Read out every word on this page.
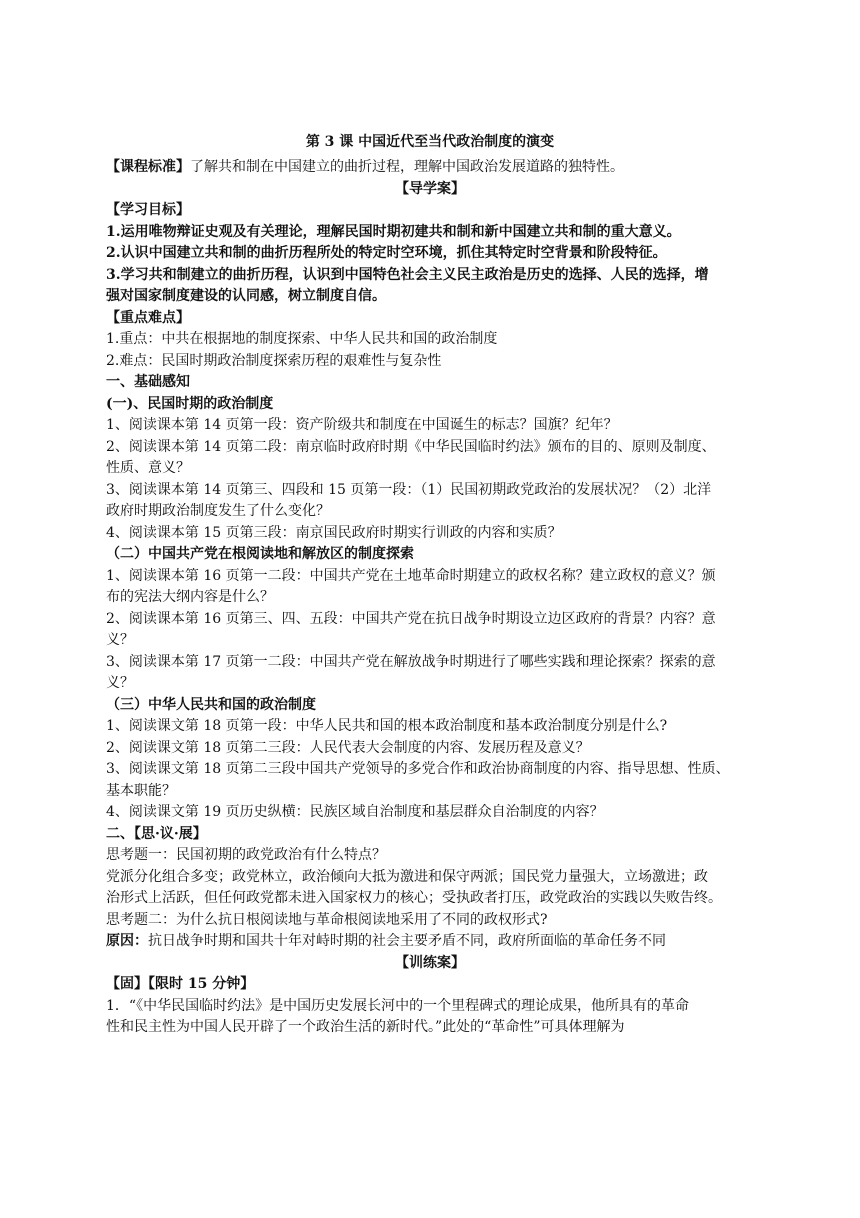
第 3 课 中国近代至当代政治制度的演变
【课程标准】了解共和制在中国建立的曲折过程，理解中国政治发展道路的独特性。
【导学案】
【学习目标】
1.运用唯物辩证史观及有关理论，理解民国时期初建共和制和新中国建立共和制的重大意义。
2.认识中国建立共和制的曲折历程所处的特定时空环境，抓住其特定时空背景和阶段特征。
3.学习共和制建立的曲折历程，认识到中国特色社会主义民主政治是历史的选择、人民的选择，增
强对国家制度建设的认同感，树立制度自信。
【重点难点】
1.重点：中共在根据地的制度探索、中华人民共和国的政治制度
2.难点：民国时期政治制度探索历程的艰难性与复杂性
一、基础感知
(一)、民国时期的政治制度
1、阅读课本第 14 页第一段：资产阶级共和制度在中国诞生的标志？国旗？纪年？
2、阅读课本第 14 页第二段：南京临时政府时期《中华民国临时约法》颁布的目的、原则及制度、
性质、意义？
3、阅读课本第 14 页第三、四段和 15 页第一段：（1）民国初期政党政治的发展状况？（2）北洋
政府时期政治制度发生了什么变化？
4、阅读课本第 15 页第三段：南京国民政府时期实行训政的内容和实质？
（二）中国共产党在根阅读地和解放区的制度探索
1、阅读课本第 16 页第一二段：中国共产党在土地革命时期建立的政权名称？建立政权的意义？颁
布的宪法大纲内容是什么？
2、阅读课本第 16 页第三、四、五段：中国共产党在抗日战争时期设立边区政府的背景？内容？意
义？
3、阅读课本第 17 页第一二段：中国共产党在解放战争时期进行了哪些实践和理论探索？探索的意
义？
（三）中华人民共和国的政治制度
1、阅读课文第 18 页第一段：中华人民共和国的根本政治制度和基本政治制度分别是什么?
2、阅读课文第 18 页第二三段：人民代表大会制度的内容、发展历程及意义？
3、阅读课文第 18 页第二三段中国共产党领导的多党合作和政治协商制度的内容、指导思想、性质、
基本职能？
4、阅读课文第 19 页历史纵横：民族区域自治制度和基层群众自治制度的内容？
二、【思·议·展】
思考题一：民国初期的政党政治有什么特点？
党派分化组合多变；政党林立，政治倾向大抵为激进和保守两派；国民党力量强大，立场激进；政
治形式上活跃，但任何政党都未进入国家权力的核心；受执政者打压，政党政治的实践以失败告终。
思考题二：为什么抗日根阅读地与革命根阅读地采用了不同的政权形式?
原因：抗日战争时期和国共十年对峙时期的社会主要矛盾不同，政府所面临的革命任务不同
【训练案】
【固】【限时 15 分钟】
1．“《中华民国临时约法》是中国历史发展长河中的一个里程碑式的理论成果，他所具有的革命
性和民主性为中国人民开辟了一个政治生活的新时代。”此处的“革命性”可具体理解为
